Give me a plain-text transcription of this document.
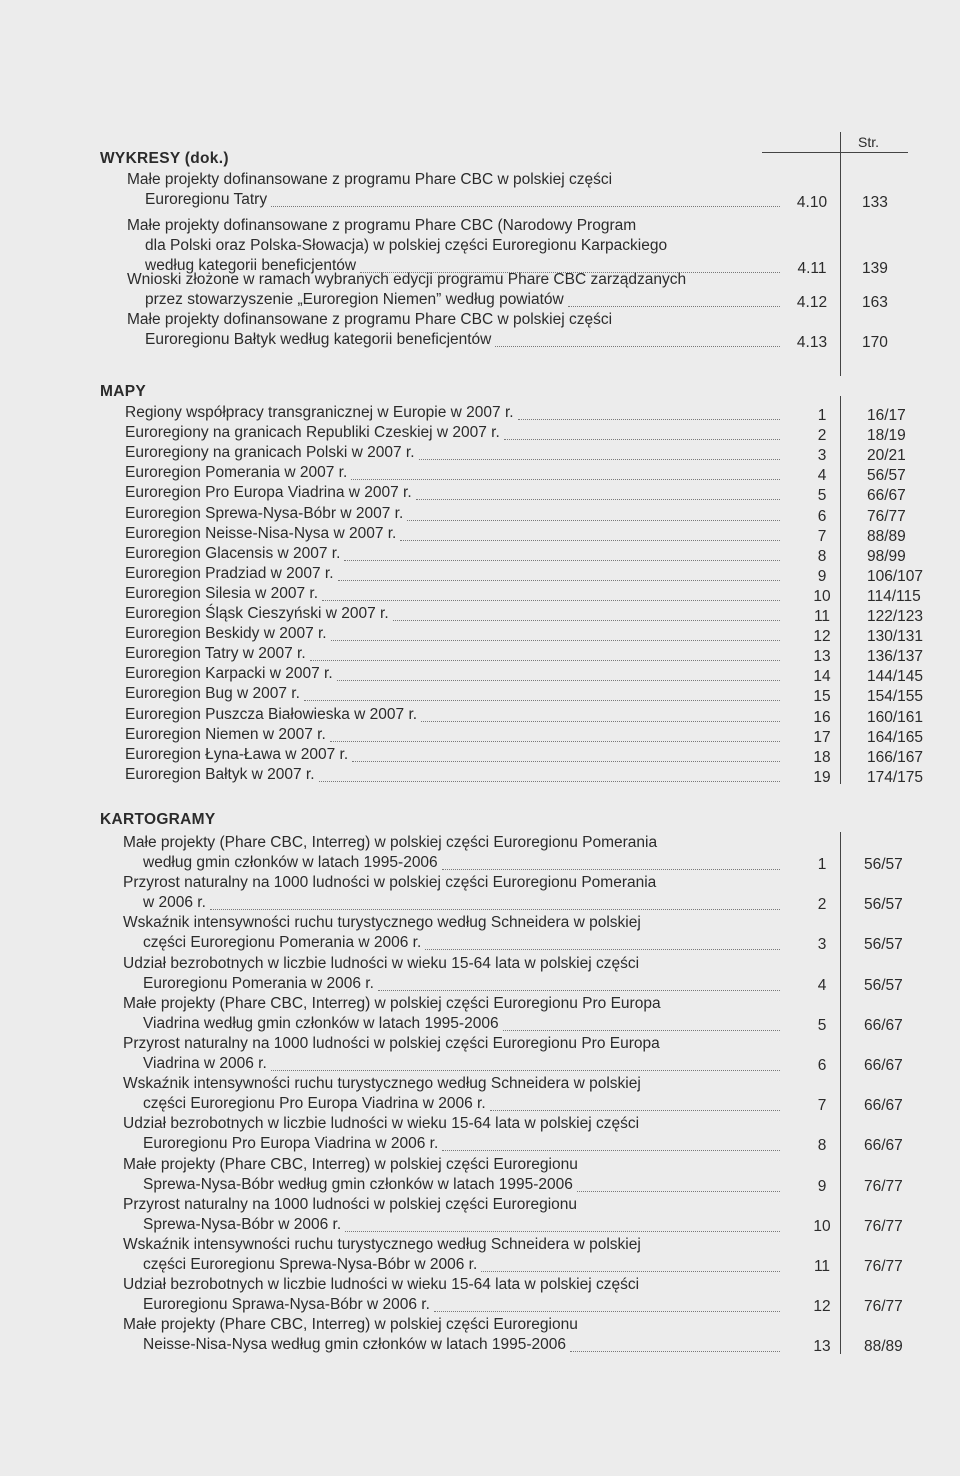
Str.
WYKRESY (dok.)
Małe projekty dofinansowane z programu Phare CBC w polskiej części
Euroregionu Tatry	4.10	133
Małe projekty dofinansowane z programu Phare CBC (Narodowy Program
dla Polski oraz Polska-Słowacja) w polskiej części Euroregionu Karpackiego
według kategorii beneficjentów	4.11	139
Wnioski złożone w ramach wybranych edycji programu Phare CBC zarządzanych
przez stowarzyszenie „Euroregion Niemen” według powiatów	4.12	163
Małe projekty dofinansowane z programu Phare CBC w polskiej części
Euroregionu Bałtyk według kategorii beneficjentów	4.13	170
MAPY
Regiony współpracy transgranicznej w Europie w 2007 r.	1	16/17
Euroregiony na granicach Republiki Czeskiej w 2007 r.	2	18/19
Euroregiony na granicach Polski w 2007 r.	3	20/21
Euroregion Pomerania w 2007 r.	4	56/57
Euroregion Pro Europa Viadrina w 2007 r.	5	66/67
Euroregion Sprewa-Nysa-Bóbr w 2007 r.	6	76/77
Euroregion Neisse-Nisa-Nysa w 2007 r.	7	88/89
Euroregion Glacensis w 2007 r.	8	98/99
Euroregion Pradziad w 2007 r.	9	106/107
Euroregion Silesia w 2007 r.	10	114/115
Euroregion Śląsk Cieszyński w 2007 r.	11	122/123
Euroregion Beskidy w 2007 r.	12	130/131
Euroregion Tatry w 2007 r.	13	136/137
Euroregion Karpacki w 2007 r.	14	144/145
Euroregion Bug w 2007 r.	15	154/155
Euroregion Puszcza Białowieska w 2007 r.	16	160/161
Euroregion Niemen w 2007 r.	17	164/165
Euroregion Łyna-Ława w 2007 r.	18	166/167
Euroregion Bałtyk w 2007 r.	19	174/175
KARTOGRAMY
Małe projekty (Phare CBC, Interreg) w polskiej części Euroregionu Pomerania
według gmin członków w latach 1995-2006	1	56/57
Przyrost naturalny na 1000 ludności w polskiej części Euroregionu Pomerania
w 2006 r.	2	56/57
Wskaźnik intensywności ruchu turystycznego według Schneidera w polskiej
części Euroregionu Pomerania w 2006 r.	3	56/57
Udział bezrobotnych w liczbie ludności w wieku 15-64 lata w polskiej części
Euroregionu Pomerania w 2006 r.	4	56/57
Małe projekty (Phare CBC, Interreg) w polskiej części Euroregionu Pro Europa
Viadrina według gmin członków w latach 1995-2006	5	66/67
Przyrost naturalny na 1000 ludności w polskiej części Euroregionu Pro Europa
Viadrina w 2006 r.	6	66/67
Wskaźnik intensywności ruchu turystycznego według Schneidera w polskiej
części Euroregionu Pro Europa Viadrina w 2006 r.	7	66/67
Udział bezrobotnych w liczbie ludności w wieku 15-64 lata w polskiej części
Euroregionu Pro Europa Viadrina w 2006 r.	8	66/67
Małe projekty (Phare CBC, Interreg) w polskiej części Euroregionu
Sprewa-Nysa-Bóbr według gmin członków w latach 1995-2006	9	76/77
Przyrost naturalny na 1000 ludności w polskiej części Euroregionu
Sprewa-Nysa-Bóbr w 2006 r.	10	76/77
Wskaźnik intensywności ruchu turystycznego według Schneidera w polskiej
części Euroregionu Sprewa-Nysa-Bóbr w 2006 r.	11	76/77
Udział bezrobotnych w liczbie ludności w wieku 15-64 lata w polskiej części
Euroregionu Sprawa-Nysa-Bóbr w 2006 r.	12	76/77
Małe projekty (Phare CBC, Interreg) w polskiej części Euroregionu
Neisse-Nisa-Nysa według gmin członków w latach 1995-2006	13	88/89
